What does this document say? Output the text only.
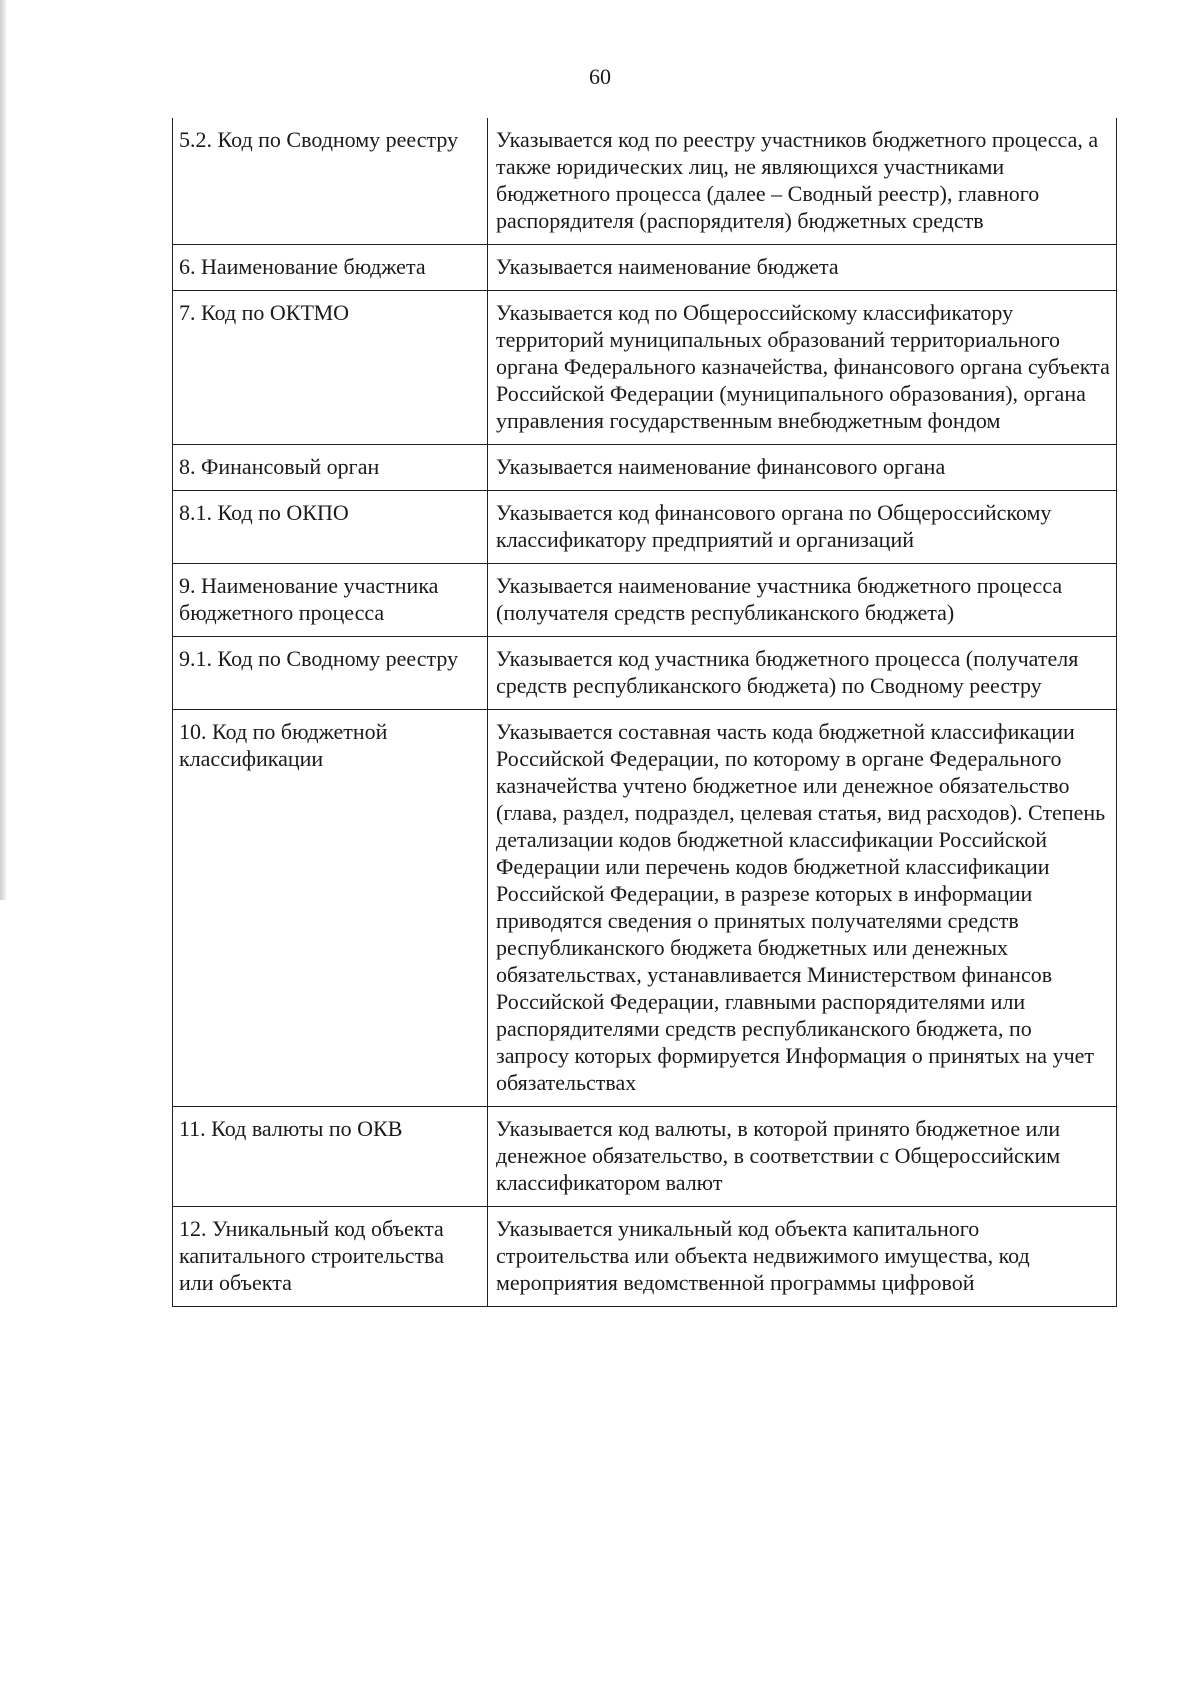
60
5.2. Код по Сводному реестру	Указывается код по реестру участников бюджетного процесса, а также юридических лиц, не являющихся участниками бюджетного процесса (далее – Сводный реестр), главного распорядителя (распорядителя) бюджетных средств
6. Наименование бюджета	Указывается наименование бюджета
7. Код по ОКТМО	Указывается код по Общероссийскому классификатору территорий муниципальных образований территориального органа Федерального казначейства, финансового органа субъекта Российской Федерации (муниципального образования), органа управления государственным внебюджетным фондом
8. Финансовый орган	Указывается наименование финансового органа
8.1. Код по ОКПО	Указывается код финансового органа по Общероссийскому классификатору предприятий и организаций
9. Наименование участника бюджетного процесса	Указывается наименование участника бюджетного процесса (получателя средств республиканского бюджета)
9.1. Код по Сводному реестру	Указывается код участника бюджетного процесса (получателя средств республиканского бюджета) по Сводному реестру
10. Код по бюджетной классификации	Указывается составная часть кода бюджетной классификации Российской Федерации, по которому в органе Федерального казначейства учтено бюджетное или денежное обязательство (глава, раздел, подраздел, целевая статья, вид расходов). Степень детализации кодов бюджетной классификации Российской Федерации или перечень кодов бюджетной классификации Российской Федерации, в разрезе которых в информации приводятся сведения о принятых получателями средств республиканского бюджета бюджетных или денежных обязательствах, устанавливается Министерством финансов Российской Федерации, главными распорядителями или распорядителями средств республиканского бюджета, по запросу которых формируется Информация о принятых на учет обязательствах
11. Код валюты по ОКВ	Указывается код валюты, в которой принято бюджетное или денежное обязательство, в соответствии с Общероссийским классификатором валют
12. Уникальный код объекта капитального строительства или объекта	Указывается уникальный код объекта капитального строительства или объекта недвижимого имущества, код мероприятия ведомственной программы цифровой
